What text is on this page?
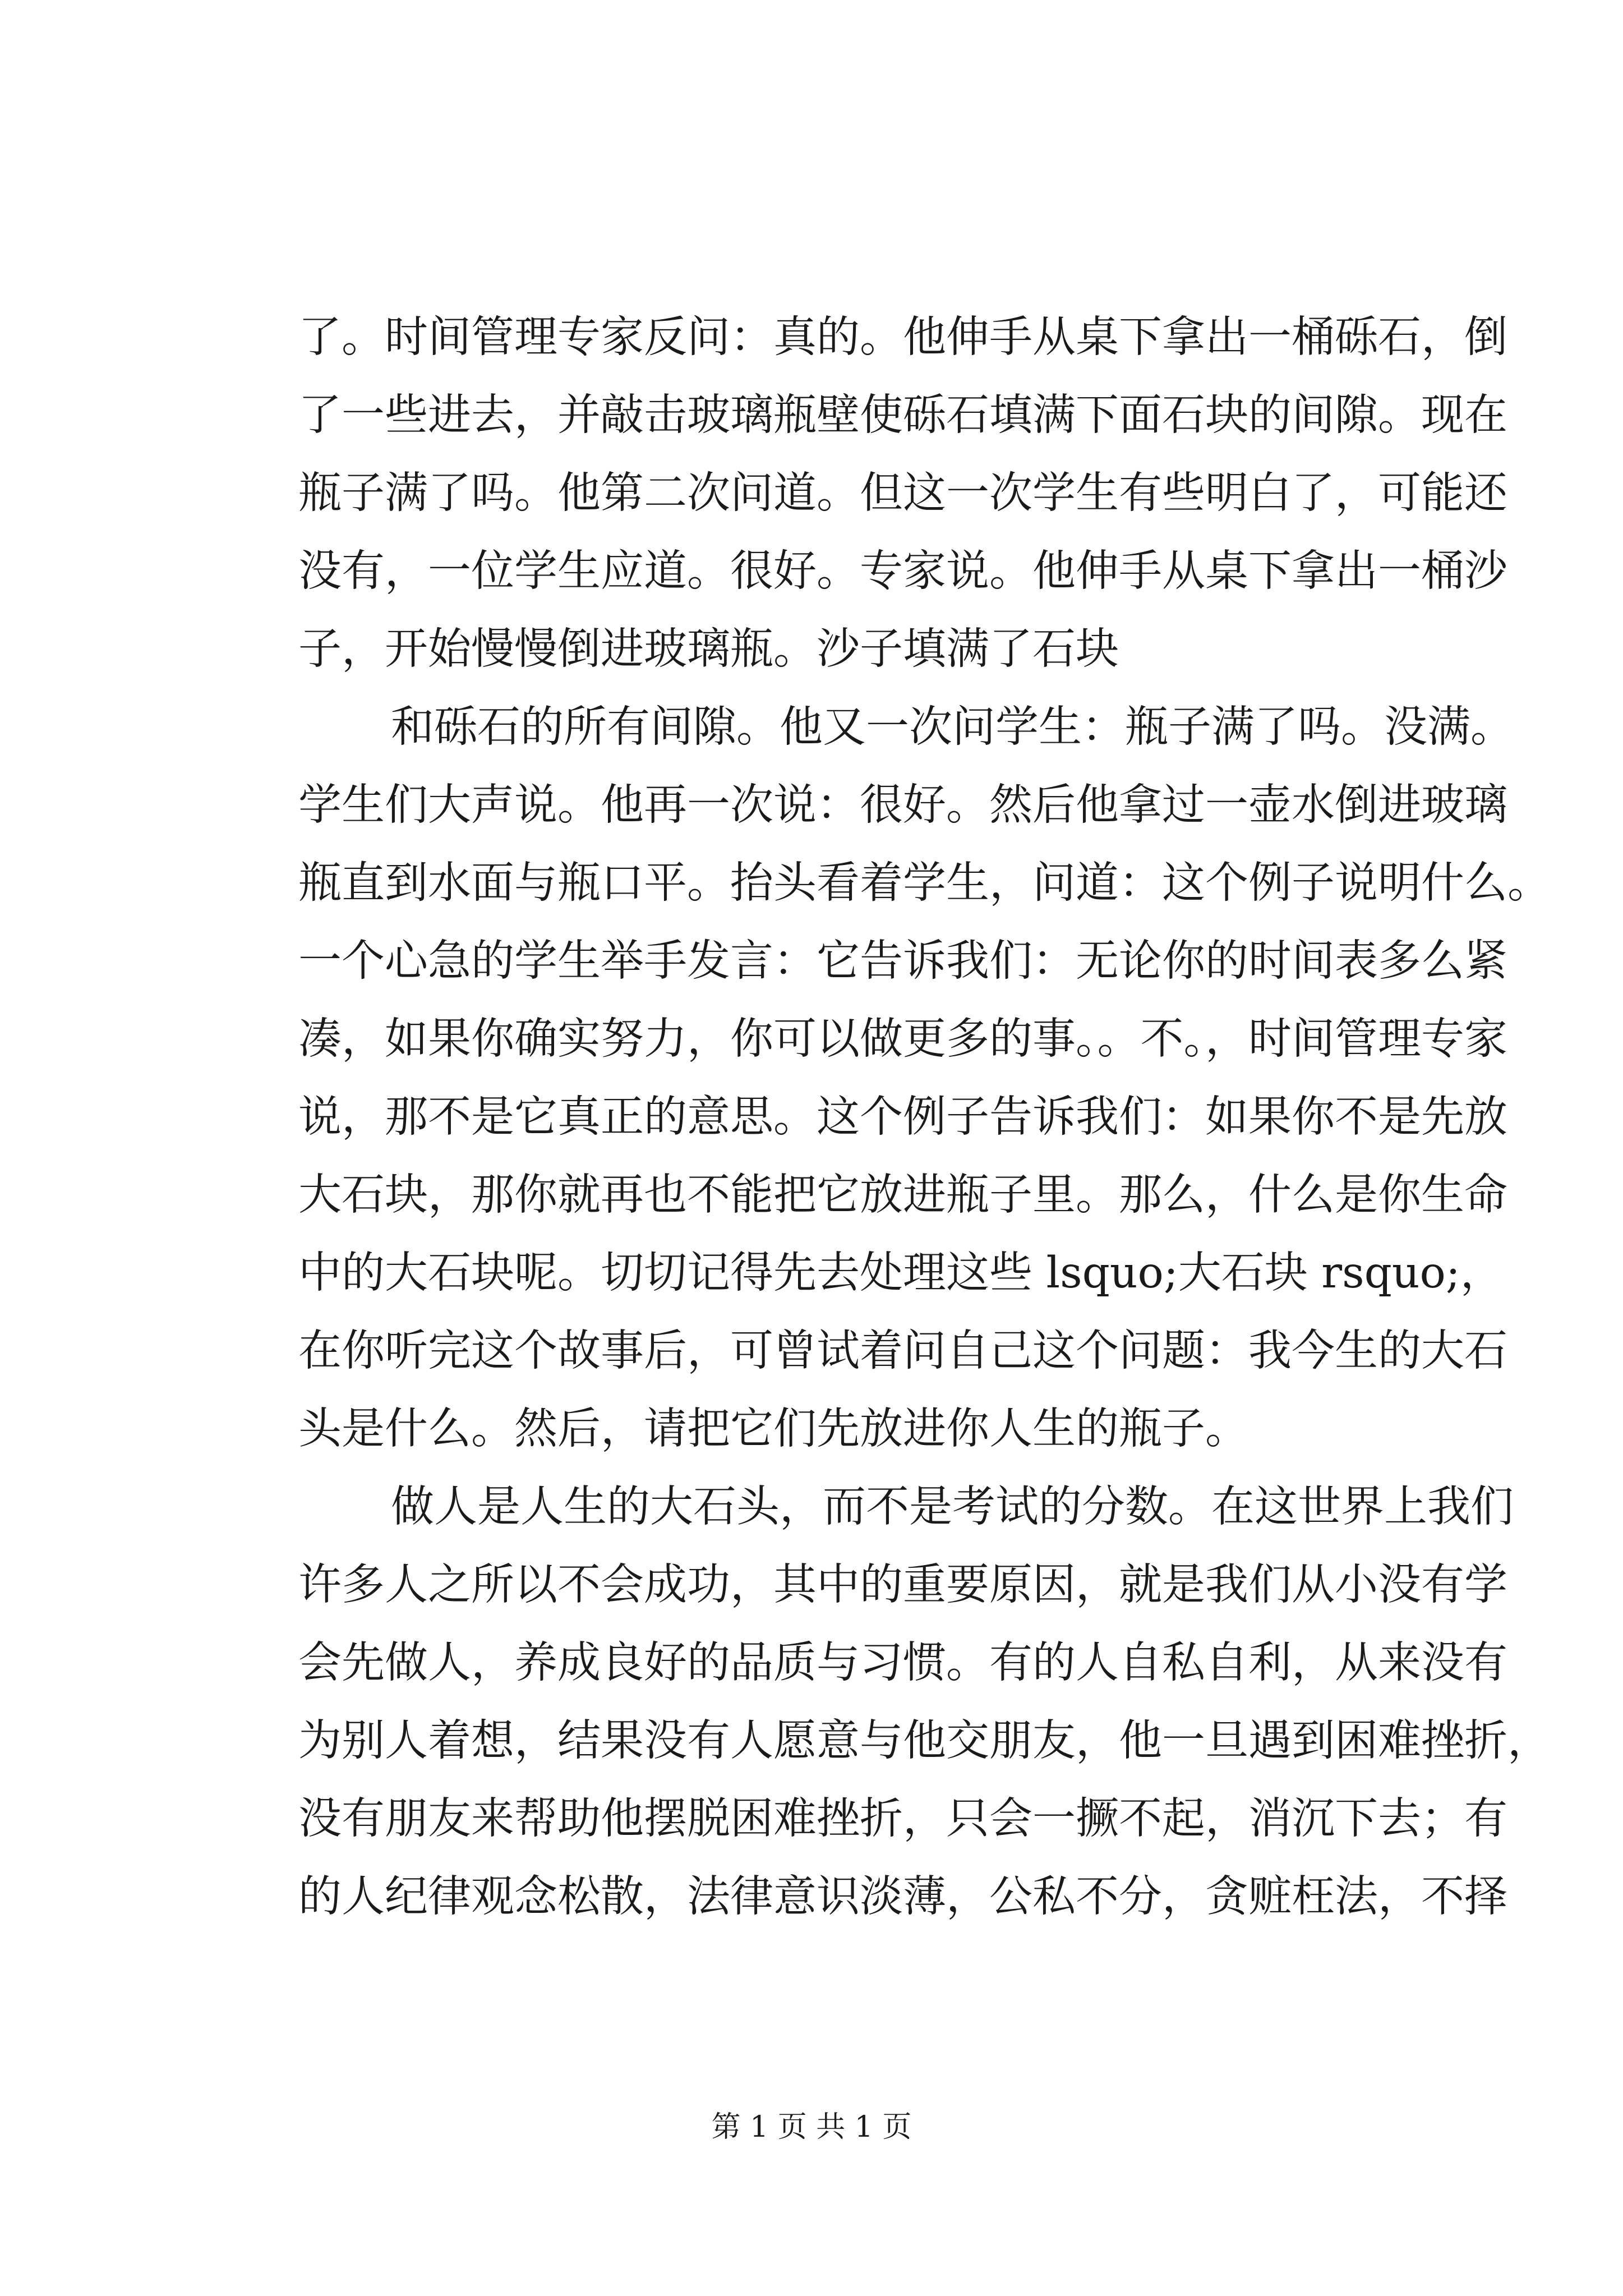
了。时间管理专家反问：真的。他伸手从桌下拿出一桶砾石，倒
了一些进去，并敲击玻璃瓶壁使砾石填满下面石块的间隙。现在
瓶子满了吗。他第二次问道。但这一次学生有些明白了，可能还
没有，一位学生应道。很好。专家说。他伸手从桌下拿出一桶沙
子，开始慢慢倒进玻璃瓶。沙子填满了石块
和砾石的所有间隙。他又一次问学生：瓶子满了吗。没满。
学生们大声说。他再一次说：很好。然后他拿过一壶水倒进玻璃
瓶直到水面与瓶口平。抬头看着学生，问道：这个例子说明什么。
一个心急的学生举手发言：它告诉我们：无论你的时间表多么紧
凑，如果你确实努力，你可以做更多的事。。不。，时间管理专家
说，那不是它真正的意思。这个例子告诉我们：如果你不是先放
大石块，那你就再也不能把它放进瓶子里。那么，什么是你生命
中的大石块呢。切切记得先去处理这些 lsquo;大石块 rsquo;，
在你听完这个故事后，可曾试着问自己这个问题：我今生的大石
头是什么。然后，请把它们先放进你人生的瓶子。
做人是人生的大石头，而不是考试的分数。在这世界上我们
许多人之所以不会成功，其中的重要原因，就是我们从小没有学
会先做人，养成良好的品质与习惯。有的人自私自利，从来没有
为别人着想，结果没有人愿意与他交朋友，他一旦遇到困难挫折，
没有朋友来帮助他摆脱困难挫折，只会一撅不起，消沉下去；有
的人纪律观念松散，法律意识淡薄，公私不分，贪赃枉法，不择
第 1 页 共 1 页
